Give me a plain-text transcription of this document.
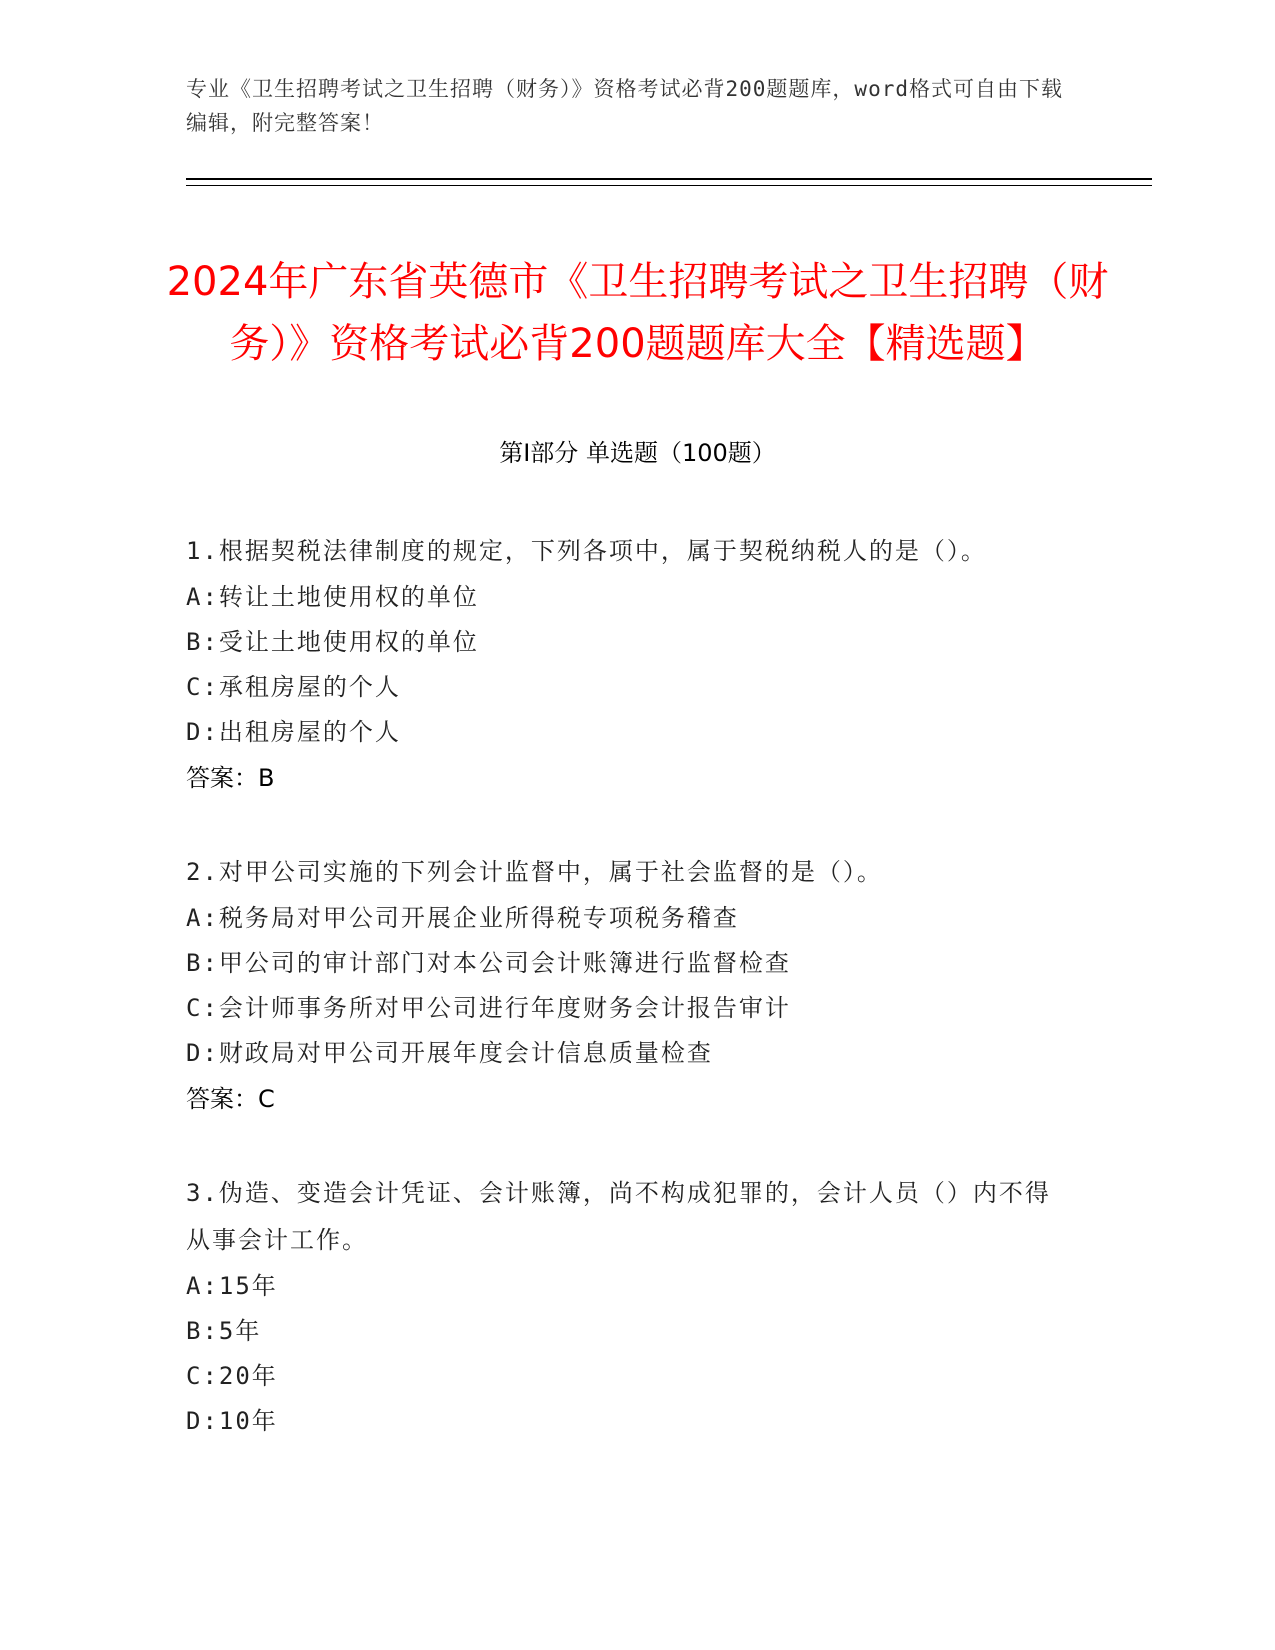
专业《卫生招聘考试之卫生招聘（财务）》资格考试必背200题题库，word格式可自由下载编辑，附完整答案！
2024年广东省英德市《卫生招聘考试之卫生招聘（财务）》资格考试必背200题题库大全【精选题】
第I部分 单选题（100题）

1.根据契税法律制度的规定，下列各项中，属于契税纳税人的是（）。

A:转让土地使用权的单位

B:受让土地使用权的单位

C:承租房屋的个人

D:出租房屋的个人

答案：B

2.对甲公司实施的下列会计监督中，属于社会监督的是（）。

A:税务局对甲公司开展企业所得税专项税务稽查

B:甲公司的审计部门对本公司会计账簿进行监督检查

C:会计师事务所对甲公司进行年度财务会计报告审计

D:财政局对甲公司开展年度会计信息质量检查

答案：C

3.伪造、变造会计凭证、会计账簿，尚不构成犯罪的，会计人员（）内不得从事会计工作。

A:15年

B:5年

C:20年

D:10年
